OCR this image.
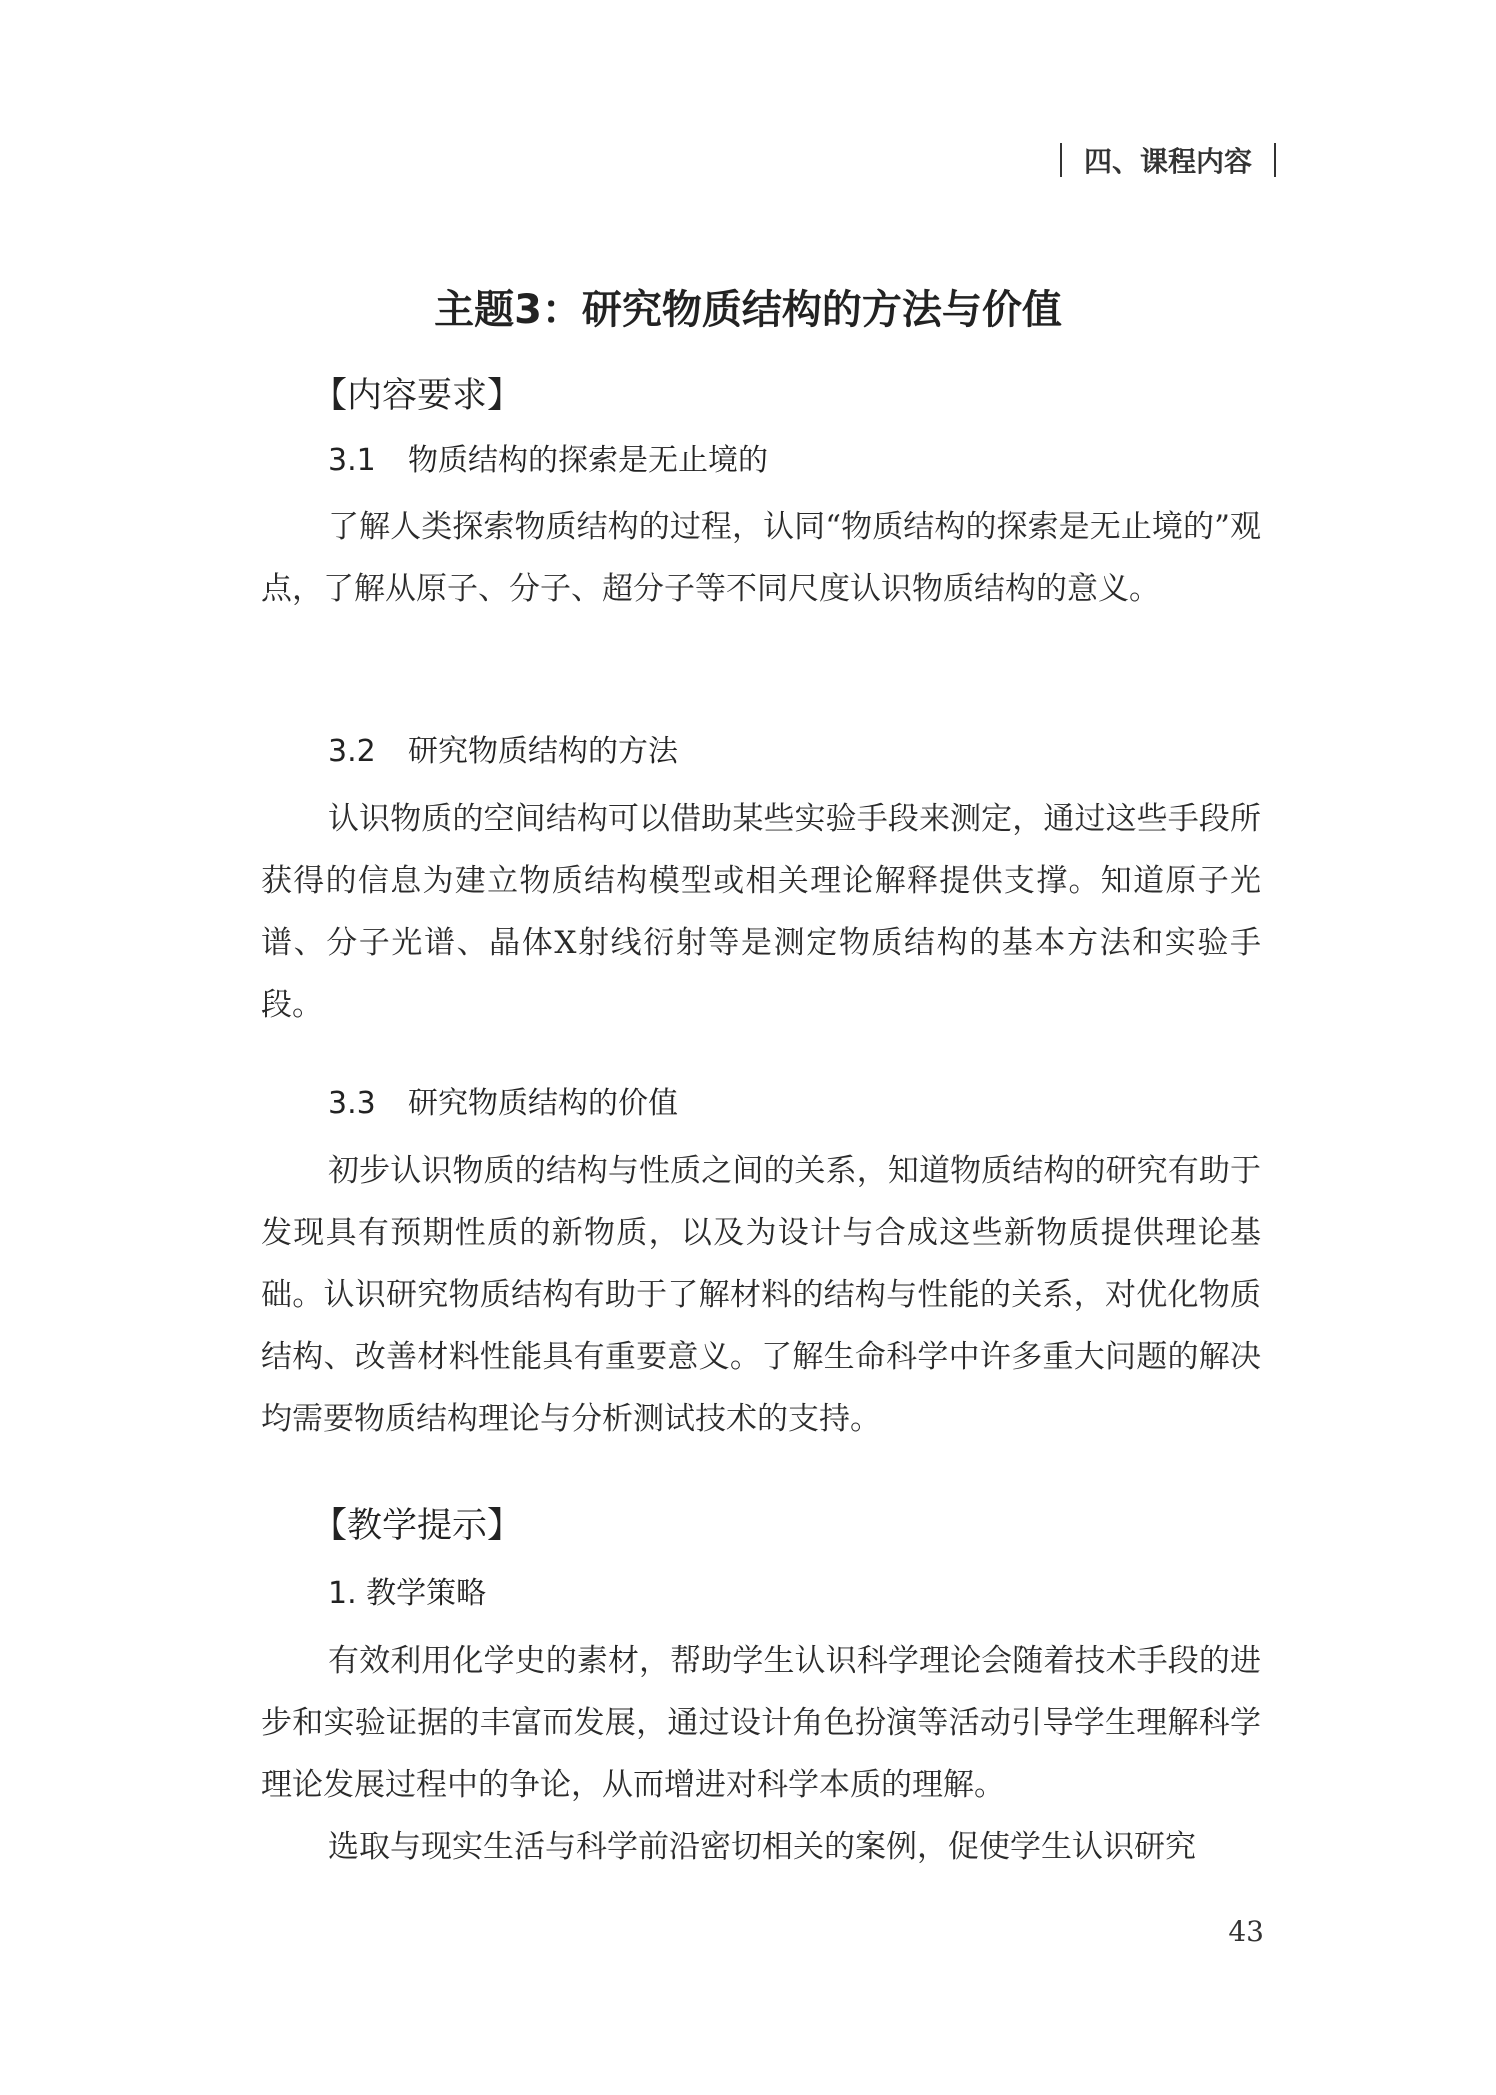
四、课程内容
主题3：研究物质结构的方法与价值
【内容要求】
3.1 物质结构的探索是无止境的
了解人类探索物质结构的过程，认同“物质结构的探索是无止境的”观点，了解从原子、分子、超分子等不同尺度认识物质结构的意义。
3.2 研究物质结构的方法
认识物质的空间结构可以借助某些实验手段来测定，通过这些手段所获得的信息为建立物质结构模型或相关理论解释提供支撑。知道原子光谱、分子光谱、晶体X射线衍射等是测定物质结构的基本方法和实验手段。
3.3 研究物质结构的价值
初步认识物质的结构与性质之间的关系，知道物质结构的研究有助于发现具有预期性质的新物质，以及为设计与合成这些新物质提供理论基础。认识研究物质结构有助于了解材料的结构与性能的关系，对优化物质结构、改善材料性能具有重要意义。了解生命科学中许多重大问题的解决均需要物质结构理论与分析测试技术的支持。
【教学提示】
1. 教学策略
有效利用化学史的素材，帮助学生认识科学理论会随着技术手段的进步和实验证据的丰富而发展，通过设计角色扮演等活动引导学生理解科学理论发展过程中的争论，从而增进对科学本质的理解。
选取与现实生活与科学前沿密切相关的案例，促使学生认识研究
43
